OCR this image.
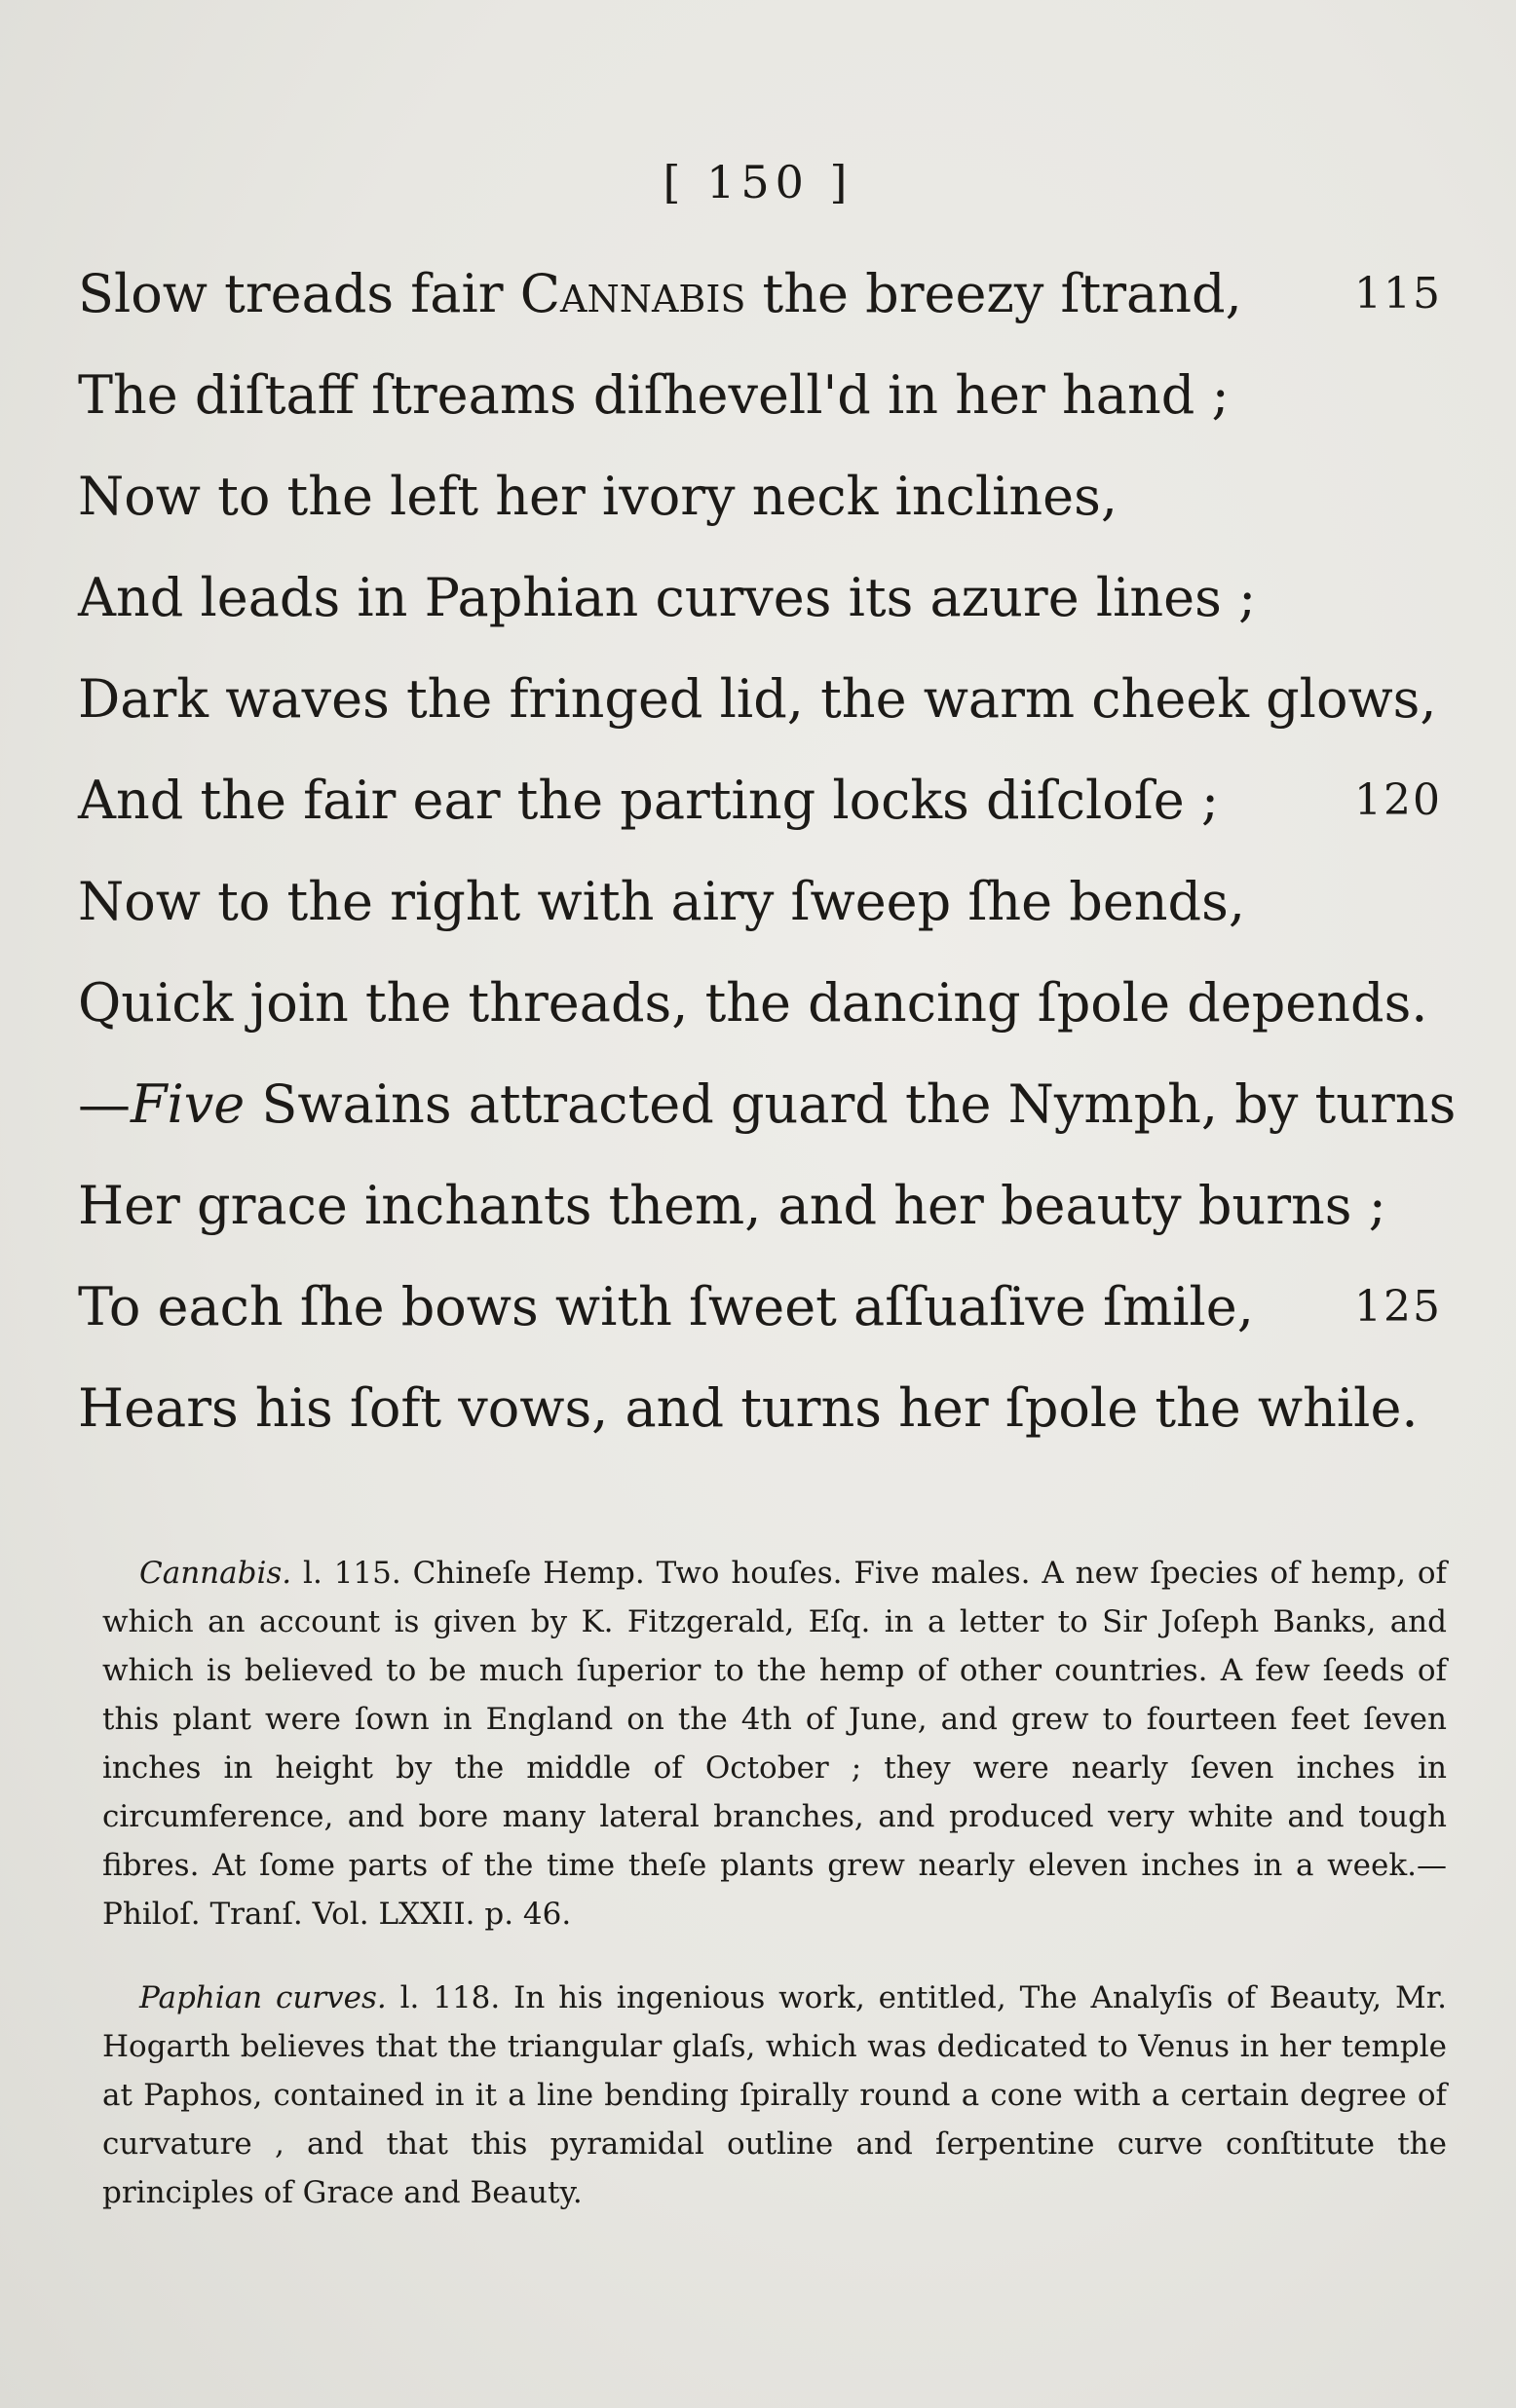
[ 150 ]
Slow treads fair Cannabis the breezy ſtrand,	115
The diſtaff ſtreams diſhevell'd in her hand ;
Now to the left her ivory neck inclines,
And leads in Paphian curves its azure lines ;
Dark waves the fringed lid, the warm cheek glows,
And the fair ear the parting locks diſcloſe ;	120
Now to the right with airy ſweep ſhe bends,
Quick join the threads, the dancing ſpole depends.
—Five Swains attracted guard the Nymph, by turns
Her grace inchants them, and her beauty burns ;
To each ſhe bows with ſweet aſſuaſive ſmile, 125
Hears his ſoft vows, and turns her ſpole the while.

Cannabis. l. 115. Chineſe Hemp. Two houſes. Five males. A new ſpecies of hemp, of which an account is given by K. Fitzgerald, Eſq. in a letter to Sir Joſeph Banks, and which is believed to be much ſuperior to the hemp of other countries. A few ſeeds of this plant were ſown in England on the 4th of June, and grew to fourteen feet ſeven inches in height by the middle of October ; they were nearly ſeven inches in circumference, and bore many lateral branches, and produced very white and tough fibres. At ſome parts of the time theſe plants grew nearly eleven inches in a week.— Philoſ. Tranſ. Vol. LXXII. p. 46.

Paphian curves. l. 118. In his ingenious work, entitled, The Analyſis of Beauty, Mr. Hogarth believes that the triangular glaſs, which was dedicated to Venus in her temple at Paphos, contained in it a line bending ſpirally round a cone with a certain degree of curvature , and that this pyramidal outline and ſerpentine curve conſtitute the principles of Grace and Beauty.
